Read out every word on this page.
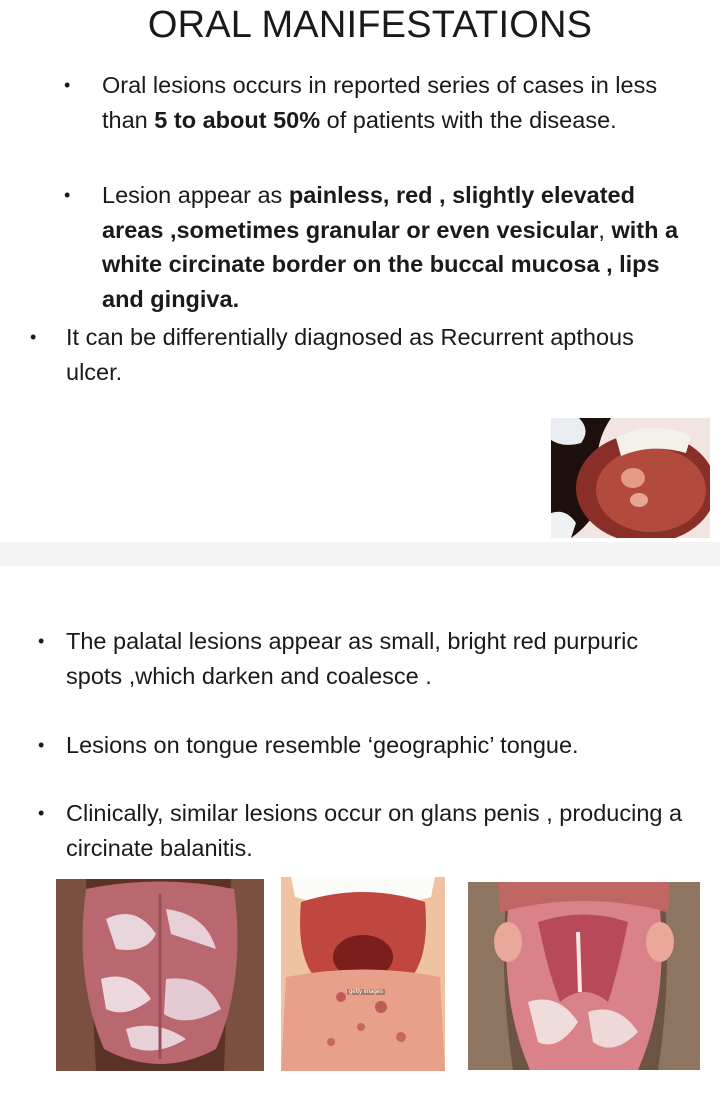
ORAL MANIFESTATIONS
• Oral lesions occurs in reported series of cases in less than 5 to about 50% of patients with the disease.
• Lesion appear as painless, red , slightly elevated areas ,sometimes granular or even vesicular, with a white circinate border on the buccal mucosa , lips and gingiva.
• It can be differentially diagnosed as Recurrent apthous ulcer.
• The palatal lesions appear as small, bright red purpuric spots ,which darken and coalesce .
• Lesions on tongue resemble ‘geographic’ tongue.
• Clinically, similar lesions occur on glans penis , producing a circinate balanitis.
getty images
